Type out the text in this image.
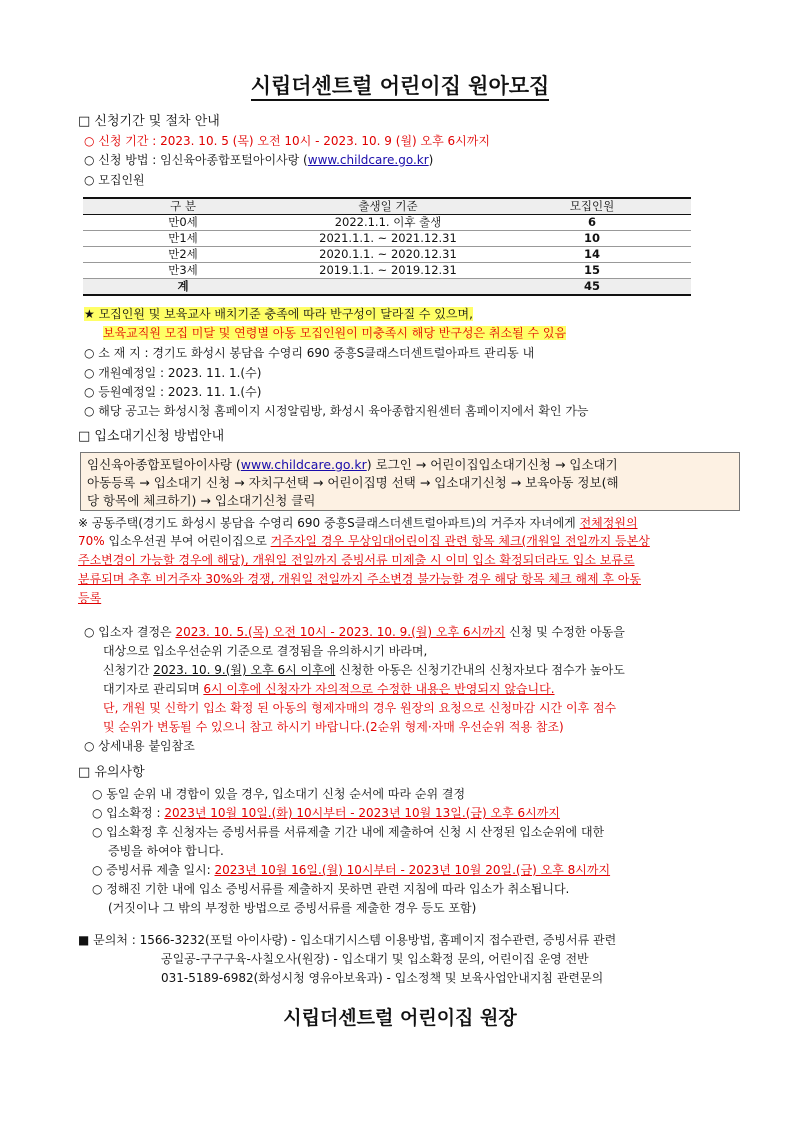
시립더센트럴 어린이집 원아모집
□ 신청기간 및 절차 안내
○ 신청 기간 : 2023. 10. 5 (목) 오전 10시 - 2023. 10. 9 (월) 오후 6시까지
○ 신청 방법 : 임신육아종합포털아이사랑 (www.childcare.go.kr)
○ 모집인원
구 분	출생일 기준	모집인원
만0세	2022.1.1. 이후 출생	6
만1세	2021.1.1. ~ 2021.12.31	10
만2세	2020.1.1. ~ 2020.12.31	14
만3세	2019.1.1. ~ 2019.12.31	15
계		45
★ 모집인원 및 보육교사 배치기준 충족에 따라 반구성이 달라질 수 있으며,
보육교직원 모집 미달 및 연령별 아동 모집인원이 미충족시 해당 반구성은 취소될 수 있음
○ 소 재 지 : 경기도 화성시 봉담읍 수영리 690 중흥S클래스더센트럴아파트 관리동 내
○ 개원예정일 : 2023. 11. 1.(수)
○ 등원예정일 : 2023. 11. 1.(수)
○ 해당 공고는 화성시청 홈페이지 시정알림방, 화성시 육아종합지원센터 홈페이지에서 확인 가능
□ 입소대기신청 방법안내
임신육아종합포털아이사랑 (www.childcare.go.kr) 로그인 → 어린이집입소대기신청 → 입소대기
아동등록 → 입소대기 신청 → 자치구선택 → 어린이집명 선택 → 입소대기신청 → 보육아동 정보(해
당 항목에 체크하기) → 입소대기신청 클릭
※ 공동주택(경기도 화성시 봉담읍 수영리 690 중흥S클래스더센트럴아파트)의 거주자 자녀에게 전체정원의
70% 입소우선권 부여 어린이집으로 거주자일 경우 무상임대어린이집 관련 항목 체크(개원일 전일까지 등본상
주소변경이 가능할 경우에 해당), 개원일 전일까지 증빙서류 미제출 시 이미 입소 확정되더라도 입소 보류로
분류되며 추후 비거주자 30%와 경쟁, 개원일 전일까지 주소변경 불가능할 경우 해당 항목 체크 해제 후 아동
등록
○ 입소자 결정은 2023. 10. 5.(목) 오전 10시 - 2023. 10. 9.(월) 오후 6시까지 신청 및 수정한 아동을
대상으로 입소우선순위 기준으로 결정됨을 유의하시기 바라며,
신청기간 2023. 10. 9.(월) 오후 6시 이후에 신청한 아동은 신청기간내의 신청자보다 점수가 높아도
대기자로 관리되며 6시 이후에 신청자가 자의적으로 수정한 내용은 반영되지 않습니다.
단, 개원 및 신학기 입소 확정 된 아동의 형제자매의 경우 원장의 요청으로 신청마감 시간 이후 점수
및 순위가 변동될 수 있으니 참고 하시기 바랍니다.(2순위 형제·자매 우선순위 적용 참조)
○ 상세내용 붙임참조
□ 유의사항
○ 동일 순위 내 경합이 있을 경우, 입소대기 신청 순서에 따라 순위 결정
○ 입소확정 : 2023년 10월 10일.(화) 10시부터 - 2023년 10월 13일.(금) 오후 6시까지
○ 입소확정 후 신청자는 증빙서류를 서류제출 기간 내에 제출하여 신청 시 산정된 입소순위에 대한
증빙을 하여야 합니다.
○ 증빙서류 제출 일시: 2023년 10월 16일.(월) 10시부터 - 2023년 10월 20일.(금) 오후 8시까지
○ 정해진 기한 내에 입소 증빙서류를 제출하지 못하면 관련 지침에 따라 입소가 취소됩니다.
(거짓이나 그 밖의 부정한 방법으로 증빙서류를 제출한 경우 등도 포함)
■ 문의처 : 1566-3232(포털 아이사랑) - 입소대기시스템 이용방법, 홈페이지 접수관련, 증빙서류 관련
공일공-구구구육-사칠오사(원장) - 입소대기 및 입소확정 문의, 어린이집 운영 전반
031-5189-6982(화성시청 영유아보육과) - 입소정책 및 보육사업안내지침 관련문의
시립더센트럴 어린이집 원장
